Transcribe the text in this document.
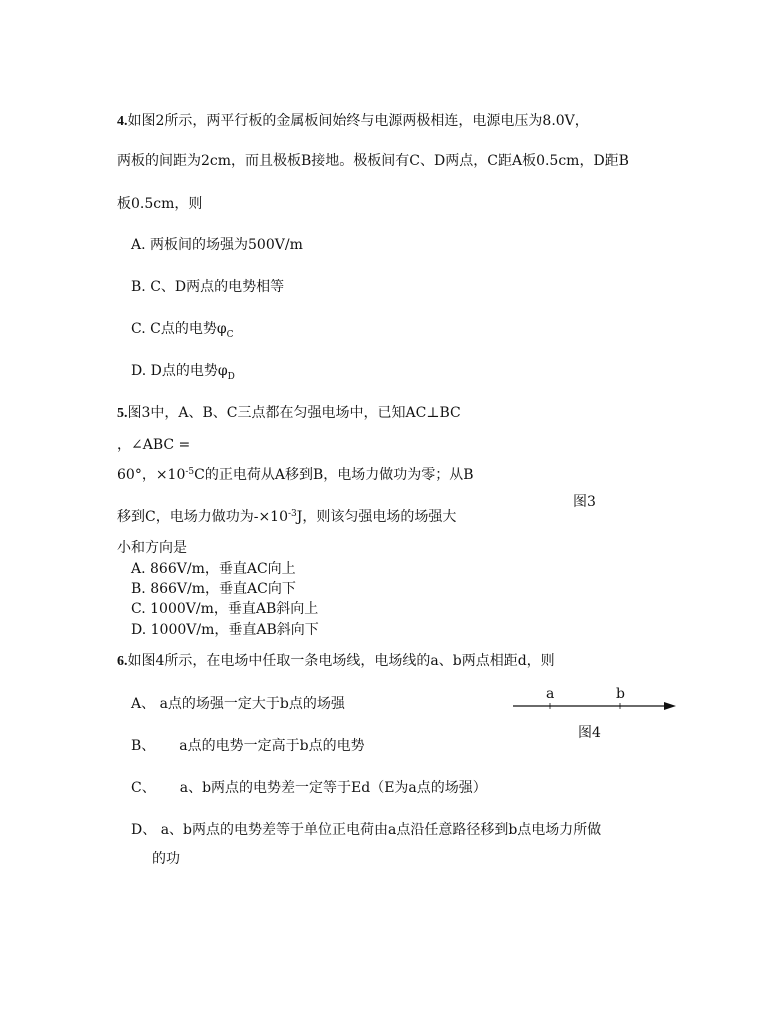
4.如图2所示，两平行板的金属板间始终与电源两极相连，电源电压为8.0V，
两板的间距为2cm，而且极板B接地。极板间有C、D两点，C距A板0.5cm，D距B
板0.5cm，则
A. 两板间的场强为500V/m
B. C、D两点的电势相等
C. C点的电势$\varphi_C$
D. D点的电势$\varphi_D$
5.图3中，A、B、C三点都在匀强电场中，已知AC⊥BC
，∠ABC =
60°，$\times 10^{-5}C$的正电荷从A移到B，电场力做功为零；从B
图3
移到C，电场力做功为$-\times 10^{-3}J$，则该匀强电场的场强大
小和方向是
A. 866V/m，垂直AC向上
B. 866V/m，垂直AC向下
C. 1000V/m，垂直AB斜向上
D. 1000V/m，垂直AB斜向下
6.如图4所示，在电场中任取一条电场线，电场线的a、b两点相距d，则
a	b
图4
A、 a点的场强一定大于b点的场强
B、 a点的电势一定高于b点的电势
C、 a、b两点的电势差一定等于Ed（E为a点的场强）
D、 a、b两点的电势差等于单位正电荷由a点沿任意路径移到b点电场力所做
的功
